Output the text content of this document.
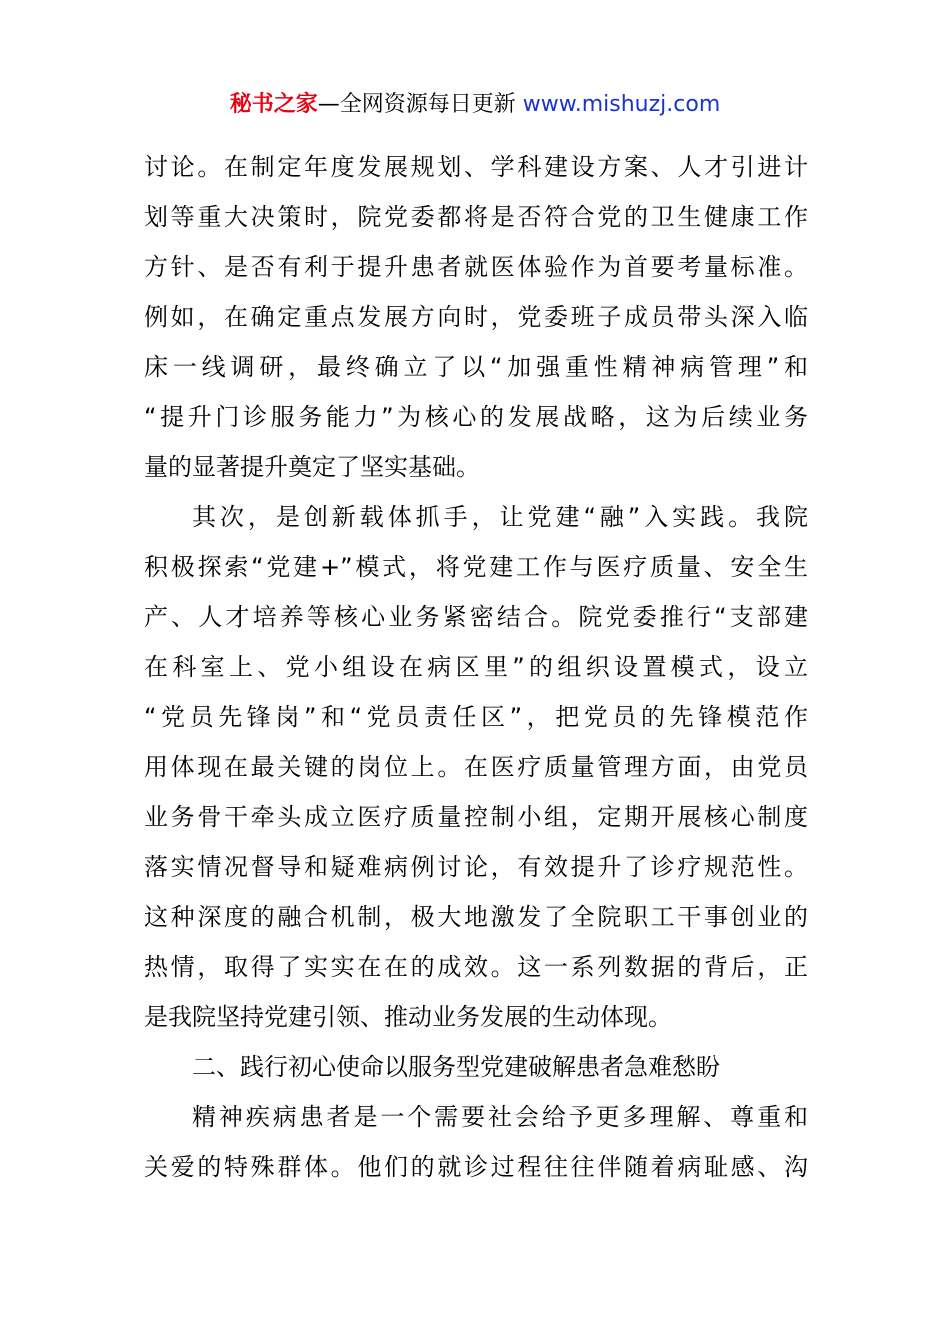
秘书之家—全网资源每日更新 www.mishuzj.com
讨论。在制定年度发展规划、学科建设方案、人才引进计
划等重大决策时，院党委都将是否符合党的卫生健康工作
方针、是否有利于提升患者就医体验作为首要考量标准。
例如，在确定重点发展方向时，党委班子成员带头深入临
床一线调研，最终确立了以“加强重性精神病管理”和
“提升门诊服务能力”为核心的发展战略，这为后续业务
量的显著提升奠定了坚实基础。
其次，是创新载体抓手，让党建“融”入实践。我院
积极探索“党建+”模式，将党建工作与医疗质量、安全生
产、人才培养等核心业务紧密结合。院党委推行“支部建
在科室上、党小组设在病区里”的组织设置模式，设立
“党员先锋岗”和“党员责任区”，把党员的先锋模范作
用体现在最关键的岗位上。在医疗质量管理方面，由党员
业务骨干牵头成立医疗质量控制小组，定期开展核心制度
落实情况督导和疑难病例讨论，有效提升了诊疗规范性。
这种深度的融合机制，极大地激发了全院职工干事创业的
热情，取得了实实在在的成效。这一系列数据的背后，正
是我院坚持党建引领、推动业务发展的生动体现。
二、践行初心使命以服务型党建破解患者急难愁盼
精神疾病患者是一个需要社会给予更多理解、尊重和
关爱的特殊群体。他们的就诊过程往往伴随着病耻感、沟
